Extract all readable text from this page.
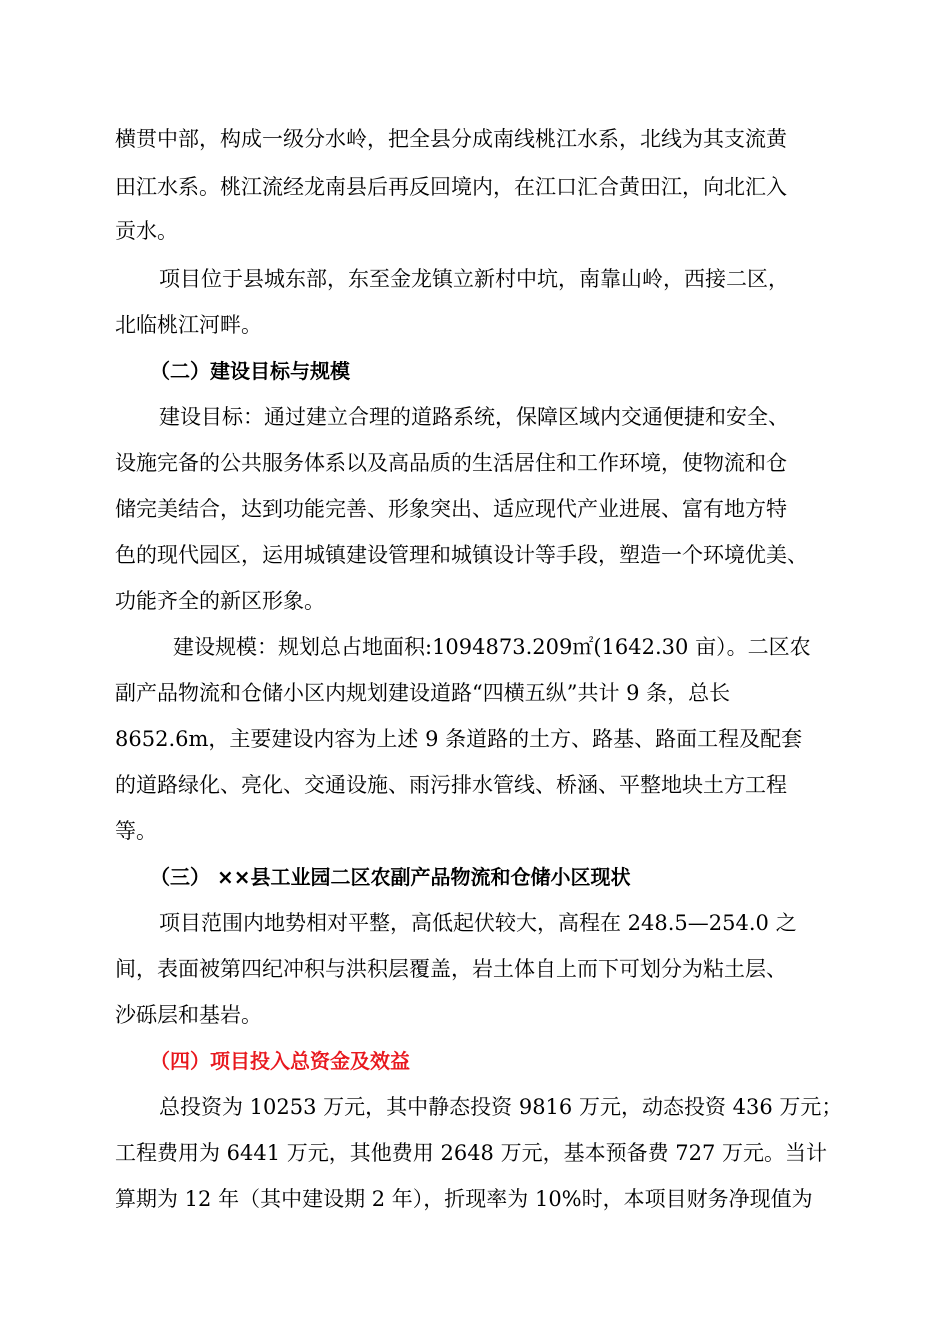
横贯中部，构成一级分水岭，把全县分成南线桃江水系，北线为其支流黄
田江水系。桃江流经龙南县后再反回境内，在江口汇合黄田江，向北汇入
贡水。
项目位于县城东部，东至金龙镇立新村中坑，南靠山岭，西接二区，
北临桃江河畔。
（二）建设目标与规模
建设目标：通过建立合理的道路系统，保障区域内交通便捷和安全、
设施完备的公共服务体系以及高品质的生活居住和工作环境，使物流和仓
储完美结合，达到功能完善、形象突出、适应现代产业进展、富有地方特
色的现代园区，运用城镇建设管理和城镇设计等手段，塑造一个环境优美、
功能齐全的新区形象。
建设规模：规划总占地面积:1094873.209㎡(1642.30 亩）。二区农
副产品物流和仓储小区内规划建设道路“四横五纵”共计 9 条，总长
8652.6m，主要建设内容为上述 9 条道路的土方、路基、路面工程及配套
的道路绿化、亮化、交通设施、雨污排水管线、桥涵、平整地块土方工程
等。
（三） ××县工业园二区农副产品物流和仓储小区现状
项目范围内地势相对平整，高低起伏较大，高程在 248.5—254.0 之
间，表面被第四纪冲积与洪积层覆盖，岩土体自上而下可划分为粘土层、
沙砾层和基岩。
（四）项目投入总资金及效益
总投资为 10253 万元，其中静态投资 9816 万元，动态投资 436 万元；
工程费用为 6441 万元，其他费用 2648 万元，基本预备费 727 万元。当计
算期为 12 年（其中建设期 2 年），折现率为 10%时，本项目财务净现值为
